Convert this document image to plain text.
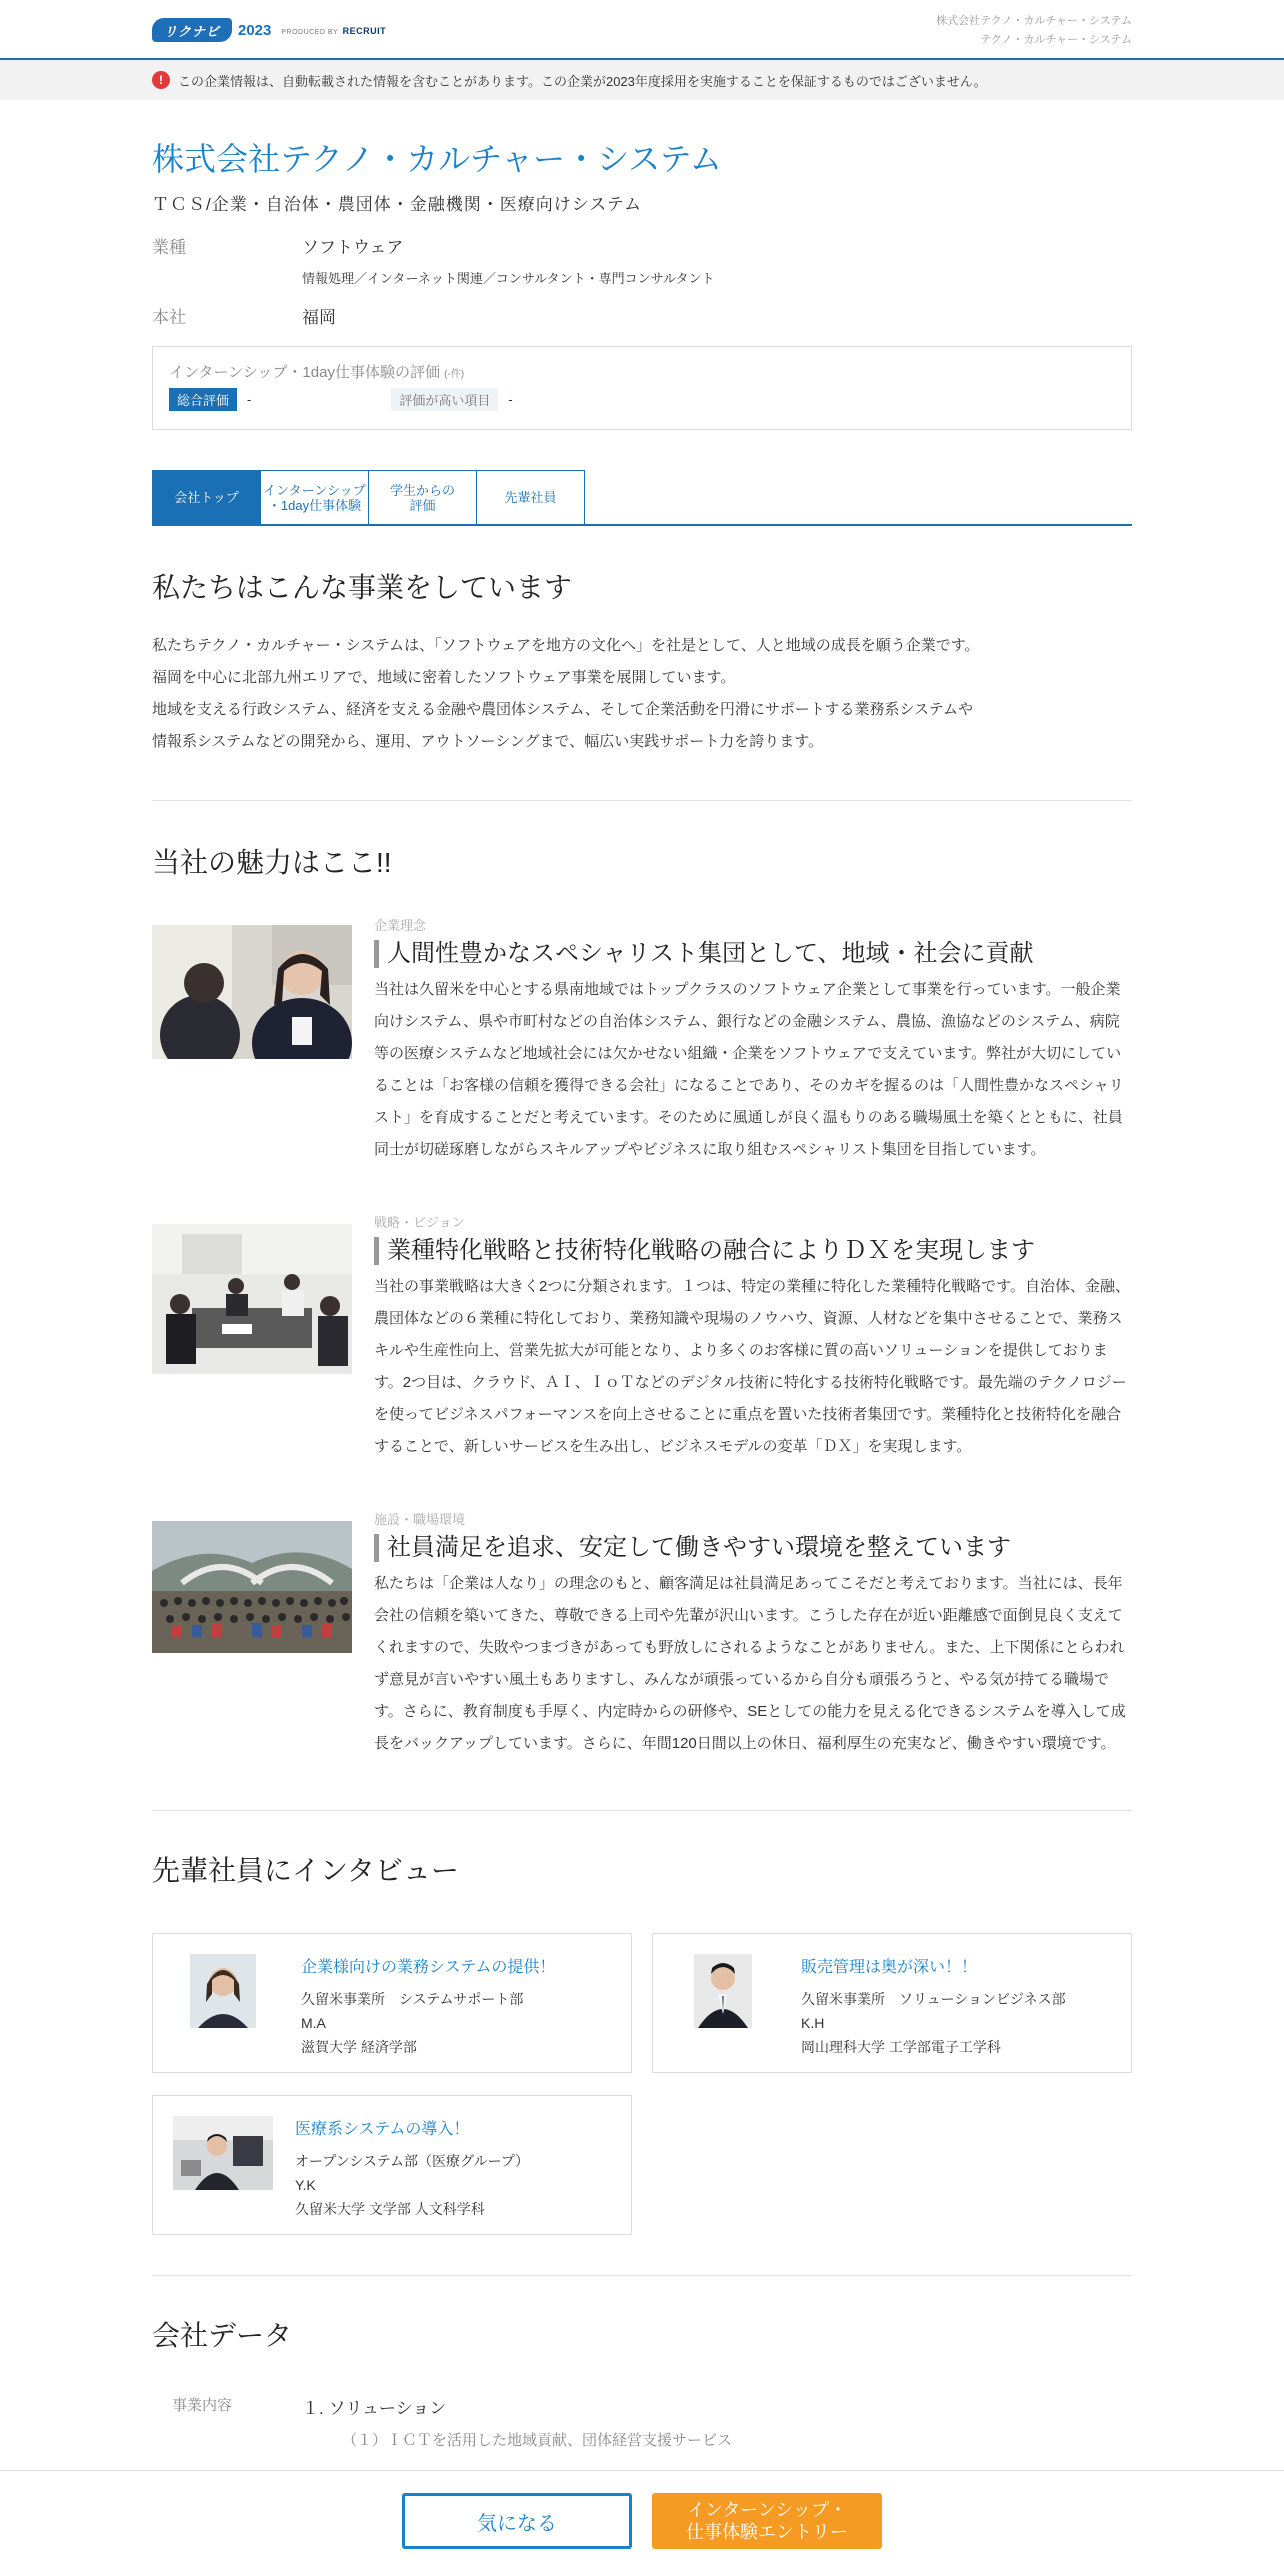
リクナビ	2023 PRODUCED BY RECRUIT
株式会社テクノ・カルチャー・システム
テクノ・カルチャー・システム
!	この企業情報は、自動転載された情報を含むことがあります。この企業が2023年度採用を実施することを保証するものではございません。
株式会社テクノ・カルチャー・システム
ＴＣＳ/企業・自治体・農団体・金融機関・医療向けシステム
業種	ソフトウェア
情報処理／インターネット関連／コンサルタント・専門コンサルタント
本社	福岡
インターンシップ・1day仕事体験の評価 (-件)
総合評価	-	評価が高い項目	-
会社トップ インターンシップ
・1day仕事体験
学生からの
評価	先輩社員
私たちはこんな事業をしています

私たちテクノ・カルチャー・システムは、「ソフトウェアを地方の文化へ」を社是として、人と地域の成長を願う企業です。
福岡を中心に北部九州エリアで、地域に密着したソフトウェア事業を展開しています。
地域を支える行政システム、経済を支える金融や農団体システム、そして企業活動を円滑にサポートする業務系システムや
情報系システムなどの開発から、運用、アウトソーシングまで、幅広い実践サポート力を誇ります。

当社の魅力はここ!!
企業理念
人間性豊かなスペシャリスト集団として、地域・社会に貢献
当社は久留米を中心とする県南地域ではトップクラスのソフトウェア企業として事業を行っています。一般企業向けシステム、県や市町村などの自治体システム、銀行などの金融システム、農協、漁協などのシステム、病院等の医療システムなど地域社会には欠かせない組織・企業をソフトウェアで支えています。弊社が大切にしていることは「お客様の信頼を獲得できる会社」になることであり、そのカギを握るのは「人間性豊かなスペシャリスト」を育成することだと考えています。そのために風通しが良く温もりのある職場風土を築くとともに、社員同士が切磋琢磨しながらスキルアップやビジネスに取り組むスペシャリスト集団を目指しています。
戦略・ビジョン
業種特化戦略と技術特化戦略の融合によりＤＸを実現します
当社の事業戦略は大きく2つに分類されます。１つは、特定の業種に特化した業種特化戦略です。自治体、金融、農団体などの６業種に特化しており、業務知識や現場のノウハウ、資源、人材などを集中させることで、業務スキルや生産性向上、営業先拡大が可能となり、より多くのお客様に質の高いソリューションを提供しております。2つ目は、クラウド、ＡＩ、ＩｏＴなどのデジタル技術に特化する技術特化戦略です。最先端のテクノロジーを使ってビジネスパフォーマンスを向上させることに重点を置いた技術者集団です。業種特化と技術特化を融合することで、新しいサービスを生み出し、ビジネスモデルの変革「ＤＸ」を実現します。
施設・職場環境
社員満足を追求、安定して働きやすい環境を整えています
私たちは「企業は人なり」の理念のもと、顧客満足は社員満足あってこそだと考えております。当社には、長年会社の信頼を築いてきた、尊敬できる上司や先輩が沢山います。こうした存在が近い距離感で面倒見良く支えてくれますので、失敗やつまづきがあっても野放しにされるようなことがありません。また、上下関係にとらわれず意見が言いやすい風土もありますし、みんなが頑張っているから自分も頑張ろうと、やる気が持てる職場です。さらに、教育制度も手厚く、内定時からの研修や、SEとしての能力を見える化できるシステムを導入して成長をバックアップしています。さらに、年間120日間以上の休日、福利厚生の充実など、働きやすい環境です。
先輩社員にインタビュー
企業様向けの業務システムの提供！
久留米事業所　システムサポート部
M.A
滋賀大学 経済学部
販売管理は奥が深い！！
久留米事業所　ソリューションビジネス部
K.H
岡山理科大学 工学部電子工学科
医療系システムの導入！
オープンシステム部（医療グループ）
Y.K
久留米大学 文学部 人文科学科
会社データ
事業内容	１. ソリューション
（１）ＩＣＴを活用した地域貢献、団体経営支援サービス
気になる
インターンシップ・
仕事体験エントリー
